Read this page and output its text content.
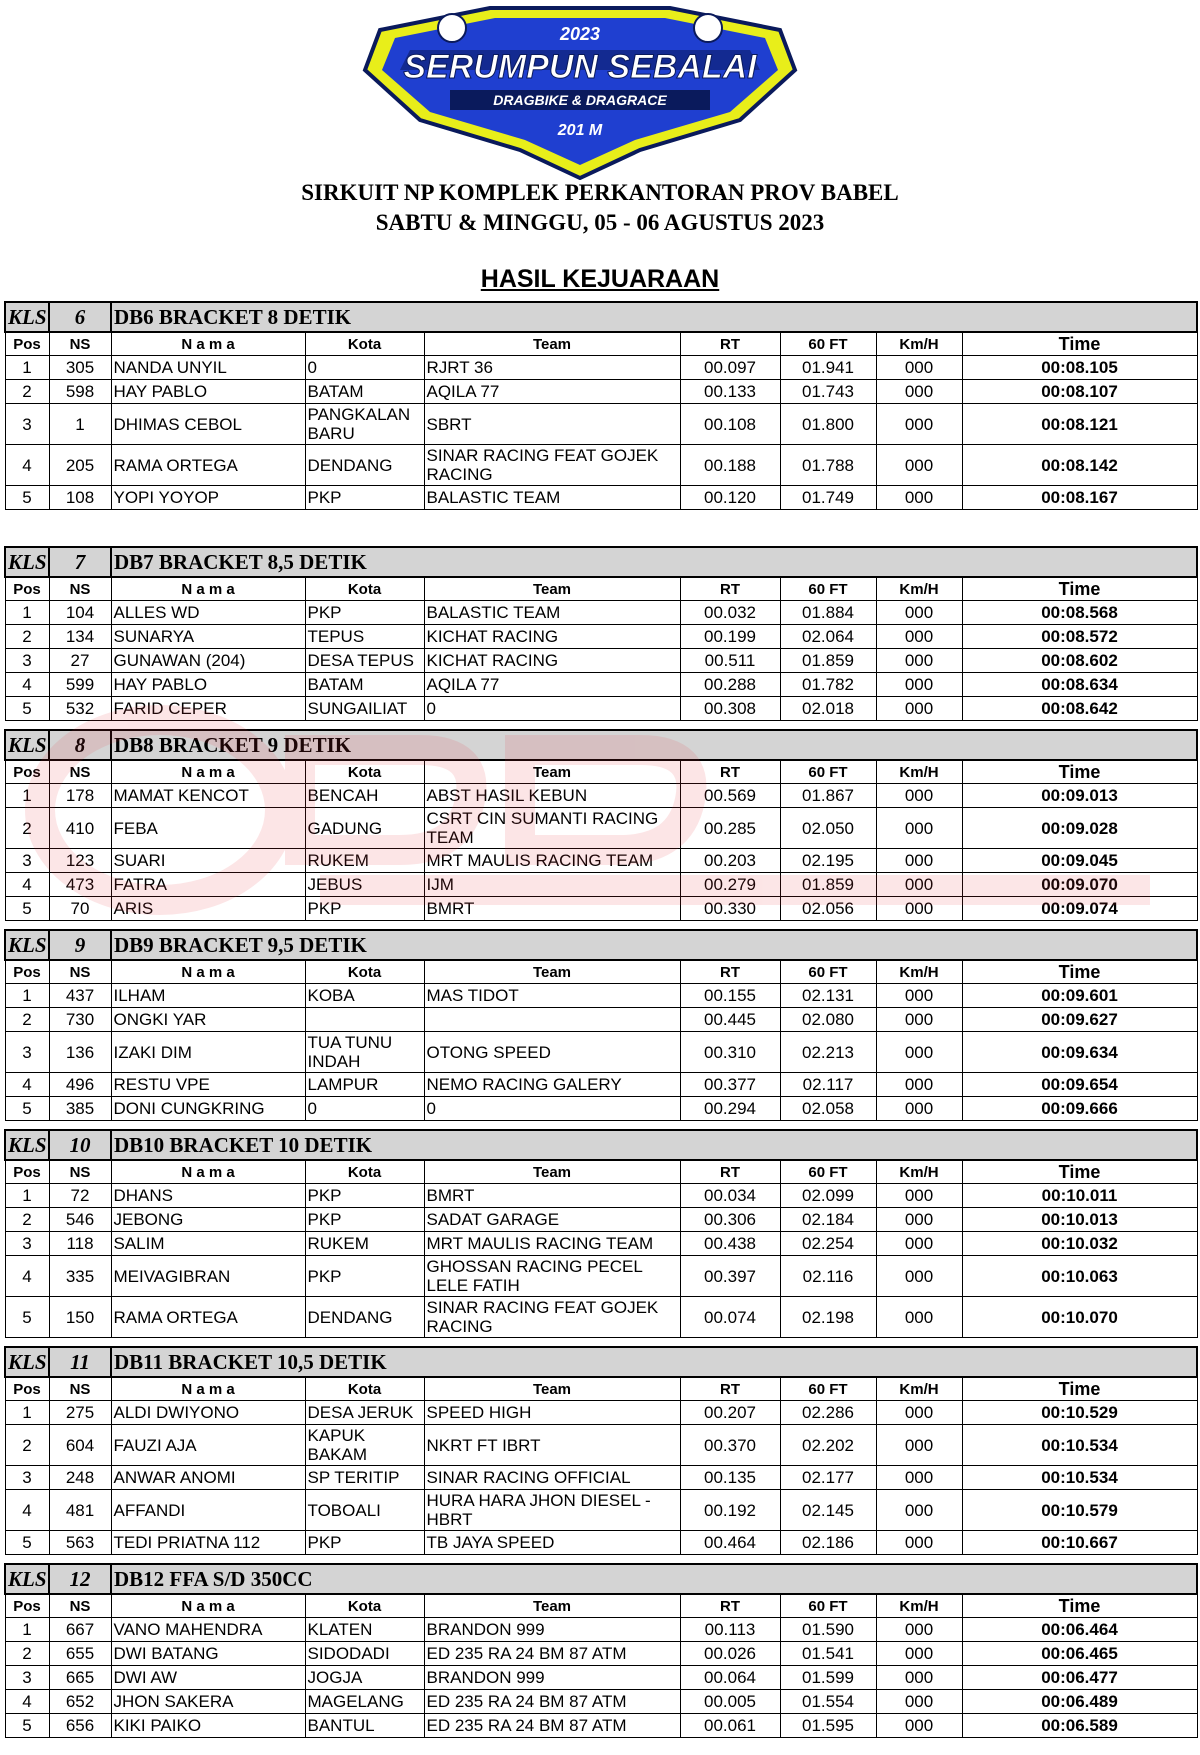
2023
SERUMPUN SEBALAI
DRAGBIKE & DRAGRACE
201 M
SIRKUIT NP KOMPLEK PERKANTORAN PROV BABEL
SABTU & MINGGU, 05 - 06 AGUSTUS 2023
HASIL KEJUARAAN
KLS	6	DB6 BRACKET 8 DETIK						
Pos	NS	N a m a	Kota	Team	RT	60 FT	Km/H	Time
1	305	NANDA UNYIL	0	RJRT 36	00.097	01.941	000	00:08.105
2	598	HAY PABLO	BATAM	AQILA 77	00.133	01.743	000	00:08.107
3	1	DHIMAS CEBOL	PANGKALAN BARU	SBRT	00.108	01.800	000	00:08.121
4	205	RAMA ORTEGA	DENDANG	SINAR RACING FEAT GOJEK RACING	00.188	01.788	000	00:08.142
5	108	YOPI YOYOP	PKP	BALASTIC TEAM	00.120	01.749	000	00:08.167
KLS	7	DB7 BRACKET 8,5 DETIK						
Pos	NS	N a m a	Kota	Team	RT	60 FT	Km/H	Time
1	104	ALLES WD	PKP	BALASTIC TEAM	00.032	01.884	000	00:08.568
2	134	SUNARYA	TEPUS	KICHAT RACING	00.199	02.064	000	00:08.572
3	27	GUNAWAN (204)	DESA TEPUS	KICHAT RACING	00.511	01.859	000	00:08.602
4	599	HAY PABLO	BATAM	AQILA 77	00.288	01.782	000	00:08.634
5	532	FARID CEPER	SUNGAILIAT	0	00.308	02.018	000	00:08.642
KLS	8	DB8 BRACKET 9 DETIK						
Pos	NS	N a m a	Kota	Team	RT	60 FT	Km/H	Time
1	178	MAMAT KENCOT	BENCAH	ABST HASIL KEBUN	00.569	01.867	000	00:09.013
2	410	FEBA	GADUNG	CSRT CIN SUMANTI RACING TEAM	00.285	02.050	000	00:09.028
3	123	SUARI	RUKEM	MRT MAULIS RACING TEAM	00.203	02.195	000	00:09.045
4	473	FATRA	JEBUS	IJM	00.279	01.859	000	00:09.070
5	70	ARIS	PKP	BMRT	00.330	02.056	000	00:09.074
KLS	9	DB9 BRACKET 9,5 DETIK						
Pos	NS	N a m a	Kota	Team	RT	60 FT	Km/H	Time
1	437	ILHAM	KOBA	MAS TIDOT	00.155	02.131	000	00:09.601
2	730	ONGKI YAR			00.445	02.080	000	00:09.627
3	136	IZAKI DIM	TUA TUNU INDAH	OTONG SPEED	00.310	02.213	000	00:09.634
4	496	RESTU VPE	LAMPUR	NEMO RACING GALERY	00.377	02.117	000	00:09.654
5	385	DONI CUNGKRING	0	0	00.294	02.058	000	00:09.666
KLS	10	DB10 BRACKET 10 DETIK						
Pos	NS	N a m a	Kota	Team	RT	60 FT	Km/H	Time
1	72	DHANS	PKP	BMRT	00.034	02.099	000	00:10.011
2	546	JEBONG	PKP	SADAT GARAGE	00.306	02.184	000	00:10.013
3	118	SALIM	RUKEM	MRT MAULIS RACING TEAM	00.438	02.254	000	00:10.032
4	335	MEIVAGIBRAN	PKP	GHOSSAN RACING PECEL LELE FATIH	00.397	02.116	000	00:10.063
5	150	RAMA ORTEGA	DENDANG	SINAR RACING FEAT GOJEK RACING	00.074	02.198	000	00:10.070
KLS	11	DB11 BRACKET 10,5 DETIK						
Pos	NS	N a m a	Kota	Team	RT	60 FT	Km/H	Time
1	275	ALDI DWIYONO	DESA JERUK	SPEED HIGH	00.207	02.286	000	00:10.529
2	604	FAUZI AJA	KAPUK BAKAM	NKRT FT IBRT	00.370	02.202	000	00:10.534
3	248	ANWAR ANOMI	SP TERITIP	SINAR RACING OFFICIAL	00.135	02.177	000	00:10.534
4	481	AFFANDI	TOBOALI	HURA HARA JHON DIESEL - HBRT	00.192	02.145	000	00:10.579
5	563	TEDI PRIATNA 112	PKP	TB JAYA SPEED	00.464	02.186	000	00:10.667
KLS	12	DB12 FFA S/D 350CC						
Pos	NS	N a m a	Kota	Team	RT	60 FT	Km/H	Time
1	667	VANO MAHENDRA	KLATEN	BRANDON 999	00.113	01.590	000	00:06.464
2	655	DWI BATANG	SIDODADI	ED 235 RA 24 BM 87 ATM	00.026	01.541	000	00:06.465
3	665	DWI AW	JOGJA	BRANDON 999	00.064	01.599	000	00:06.477
4	652	JHON SAKERA	MAGELANG	ED 235 RA 24 BM 87 ATM	00.005	01.554	000	00:06.489
5	656	KIKI PAIKO	BANTUL	ED 235 RA 24 BM 87 ATM	00.061	01.595	000	00:06.589
